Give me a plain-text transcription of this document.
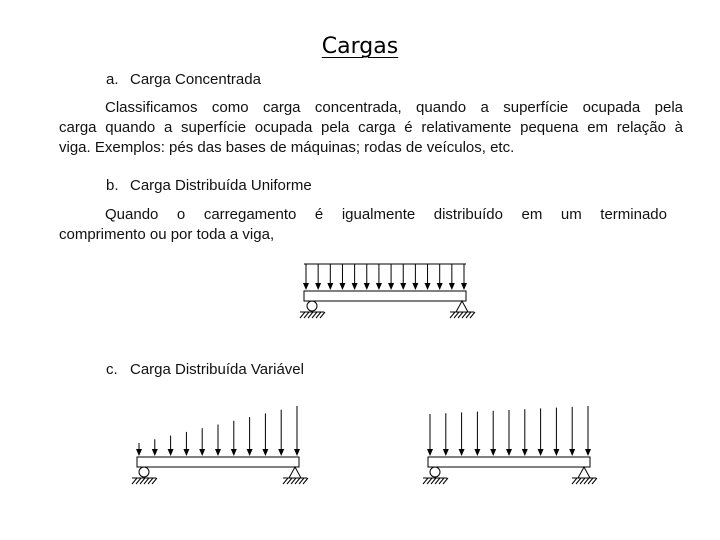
Cargas
a. Carga Concentrada
Classificamos como carga concentrada, quando a superfície ocupada pela
carga quando a superfície ocupada pela carga é relativamente pequena em relação à
viga. Exemplos: pés das bases de máquinas; rodas de veículos, etc.
b. Carga Distribuída Uniforme
Quando o carregamento é igualmente distribuído em um terminado
comprimento ou por toda a viga,
c. Carga Distribuída Variável
